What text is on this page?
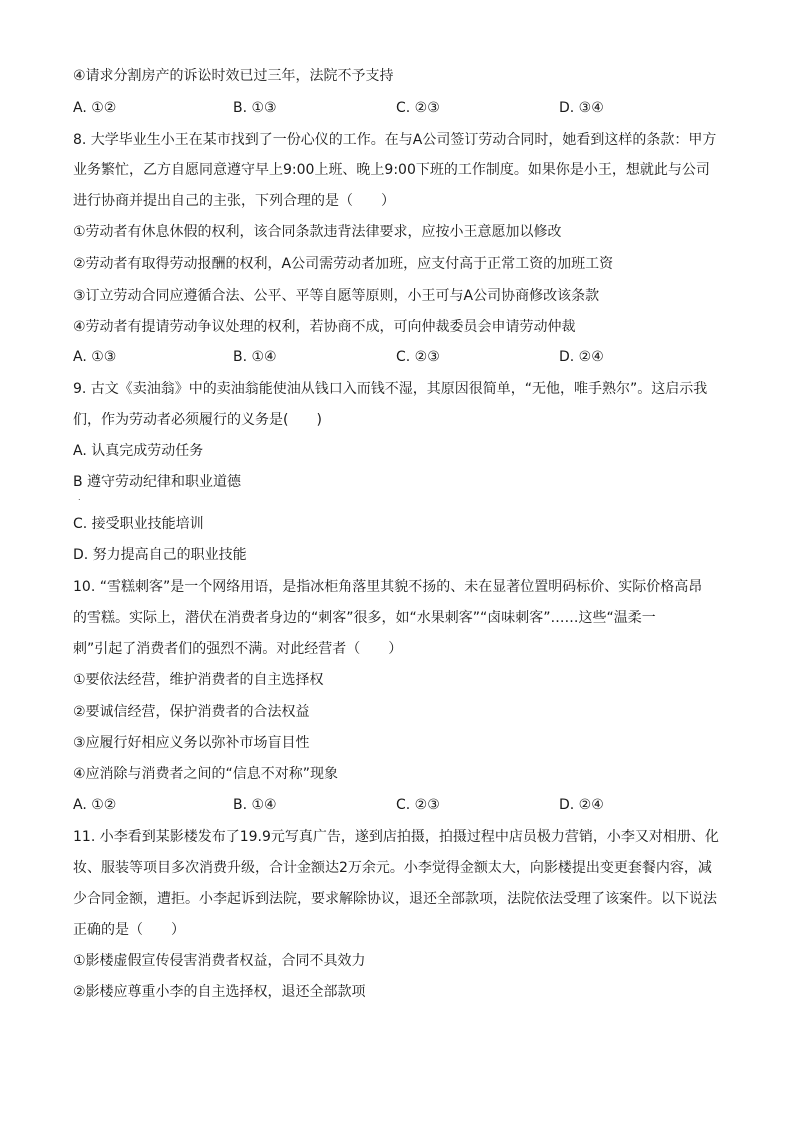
④请求分割房产的诉讼时效已过三年，法院不予支持
A. ①②	B. ①③	C. ②③	D. ③④
8. 大学毕业生小王在某市找到了一份心仪的工作。在与A公司签订劳动合同时，她看到这样的条款：甲方
业务繁忙，乙方自愿同意遵守早上9:00上班、晚上9:00下班的工作制度。如果你是小王，想就此与公司
进行协商并提出自己的主张，下列合理的是（　　）
①劳动者有休息休假的权利，该合同条款违背法律要求，应按小王意愿加以修改
②劳动者有取得劳动报酬的权利，A公司需劳动者加班，应支付高于正常工资的加班工资
③订立劳动合同应遵循合法、公平、平等自愿等原则，小王可与A公司协商修改该条款
④劳动者有提请劳动争议处理的权利，若协商不成，可向仲裁委员会申请劳动仲裁
A. ①③	B. ①④	C. ②③	D. ②④
9. 古文《卖油翁》中的卖油翁能使油从钱口入而钱不湿，其原因很简单，“无他，唯手熟尔”。这启示我
们，作为劳动者必须履行的义务是(　　)
A. 认真完成劳动任务
B 遵守劳动纪律和职业道德
.
C. 接受职业技能培训
D. 努力提高自己的职业技能
10. “雪糕刺客”是一个网络用语，是指冰柜角落里其貌不扬的、未在显著位置明码标价、实际价格高昂
的雪糕。实际上，潜伏在消费者身边的“刺客”很多，如“水果刺客”“卤味刺客”……这些“温柔一
刺”引起了消费者们的强烈不满。对此经营者（　　）
①要依法经营，维护消费者的自主选择权
②要诚信经营，保护消费者的合法权益
③应履行好相应义务以弥补市场盲目性
④应消除与消费者之间的“信息不对称”现象
A. ①②	B. ①④	C. ②③	D. ②④
11. 小李看到某影楼发布了19.9元写真广告，遂到店拍摄，拍摄过程中店员极力营销，小李又对相册、化
妆、服装等项目多次消费升级，合计金额达2万余元。小李觉得金额太大，向影楼提出变更套餐内容，减
少合同金额，遭拒。小李起诉到法院，要求解除协议，退还全部款项，法院依法受理了该案件。以下说法
正确的是（　　）
①影楼虚假宣传侵害消费者权益，合同不具效力
②影楼应尊重小李的自主选择权，退还全部款项
